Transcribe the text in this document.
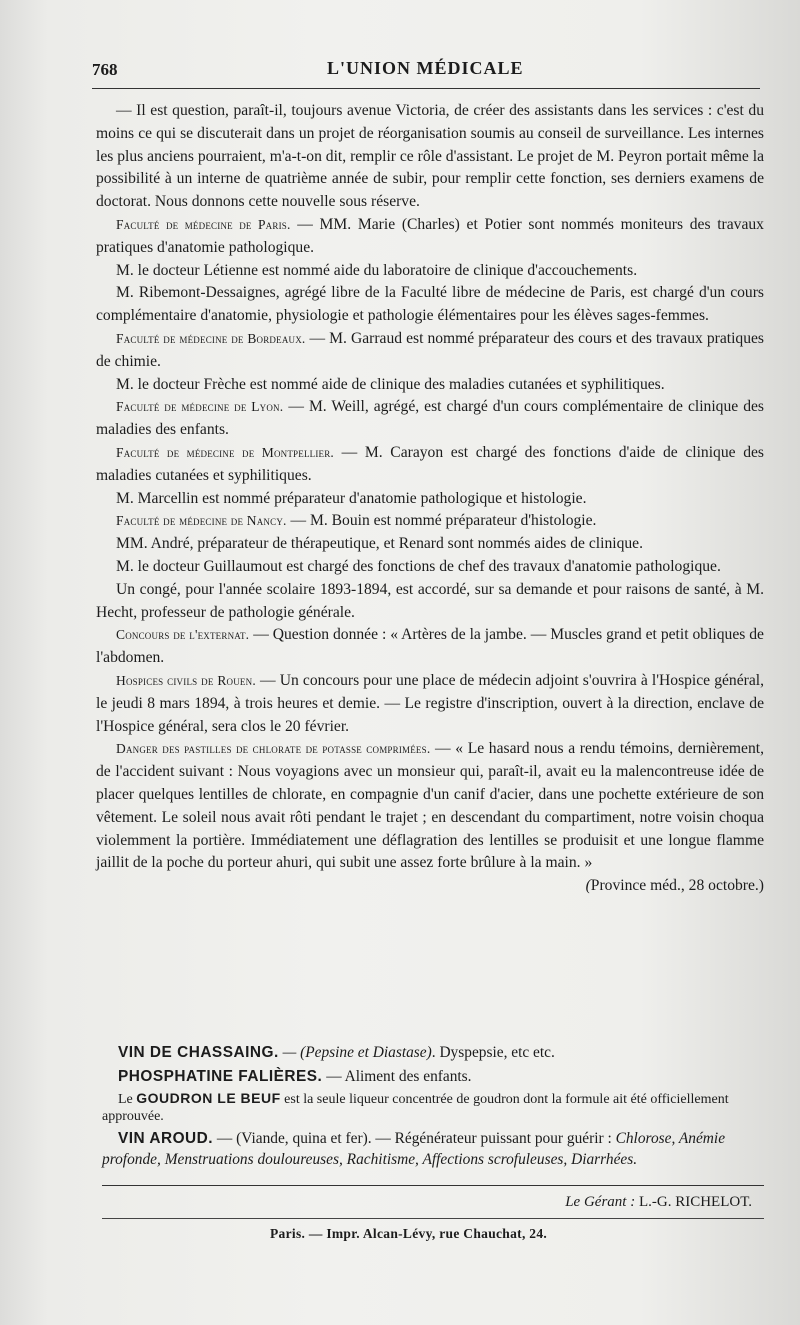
768	L'UNION MÉDICALE

— Il est question, paraît-il, toujours avenue Victoria, de créer des assistants dans les services : c'est du moins ce qui se discuterait dans un projet de réorganisation soumis au conseil de surveillance. Les internes les plus anciens pourraient, m'a-t-on dit, remplir ce rôle d'assistant. Le projet de M. Peyron portait même la possibilité à un interne de quatrième année de subir, pour remplir cette fonction, ses derniers examens de doctorat. Nous donnons cette nouvelle sous réserve.

Faculté de médecine de Paris. — MM. Marie (Charles) et Potier sont nommés moniteurs des travaux pratiques d'anatomie pathologique.

M. le docteur Létienne est nommé aide du laboratoire de clinique d'accouchements.

M. Ribemont-Dessaignes, agrégé libre de la Faculté libre de médecine de Paris, est chargé d'un cours complémentaire d'anatomie, physiologie et pathologie élémentaires pour les élèves sages-femmes.

Faculté de médecine de Bordeaux. — M. Garraud est nommé préparateur des cours et des travaux pratiques de chimie.

M. le docteur Frèche est nommé aide de clinique des maladies cutanées et syphilitiques.

Faculté de médecine de Lyon. — M. Weill, agrégé, est chargé d'un cours complémentaire de clinique des maladies des enfants.

Faculté de médecine de Montpellier. — M. Carayon est chargé des fonctions d'aide de clinique des maladies cutanées et syphilitiques.

M. Marcellin est nommé préparateur d'anatomie pathologique et histologie.

Faculté de médecine de Nancy. — M. Bouin est nommé préparateur d'histologie.

MM. André, préparateur de thérapeutique, et Renard sont nommés aides de clinique.

M. le docteur Guillaumout est chargé des fonctions de chef des travaux d'anatomie pathologique.

Un congé, pour l'année scolaire 1893-1894, est accordé, sur sa demande et pour raisons de santé, à M. Hecht, professeur de pathologie générale.

Concours de l'externat. — Question donnée : « Artères de la jambe. — Muscles grand et petit obliques de l'abdomen.

Hospices civils de Rouen. — Un concours pour une place de médecin adjoint s'ouvrira à l'Hospice général, le jeudi 8 mars 1894, à trois heures et demie. — Le registre d'inscription, ouvert à la direction, enclave de l'Hospice général, sera clos le 20 février.

Danger des pastilles de chlorate de potasse comprimées. — « Le hasard nous a rendu témoins, dernièrement, de l'accident suivant : Nous voyagions avec un monsieur qui, paraît-il, avait eu la malencontreuse idée de placer quelques lentilles de chlorate, en compagnie d'un canif d'acier, dans une pochette extérieure de son vêtement. Le soleil nous avait rôti pendant le trajet ; en descendant du compartiment, notre voisin choqua violemment la portière. Immédiatement une déflagration des lentilles se produisit et une longue flamme jaillit de la poche du porteur ahuri, qui subit une assez forte brûlure à la main. »
(Province méd., 28 octobre.)

VIN DE CHASSAING. — (Pepsine et Diastase). Dyspepsie, etc etc.

PHOSPHATINE FALIÈRES. — Aliment des enfants.

Le GOUDRON LE BEUF est la seule liqueur concentrée de goudron dont la formule ait été officiellement approuvée.

VIN AROUD. — (Viande, quina et fer). — Régénérateur puissant pour guérir : Chlorose, Anémie profonde, Menstruations douloureuses, Rachitisme, Affections scrofuleuses, Diarrhées.

Le Gérant : L.-G. RICHELOT.
Paris. — Impr. Alcan-Lévy, rue Chauchat, 24.
